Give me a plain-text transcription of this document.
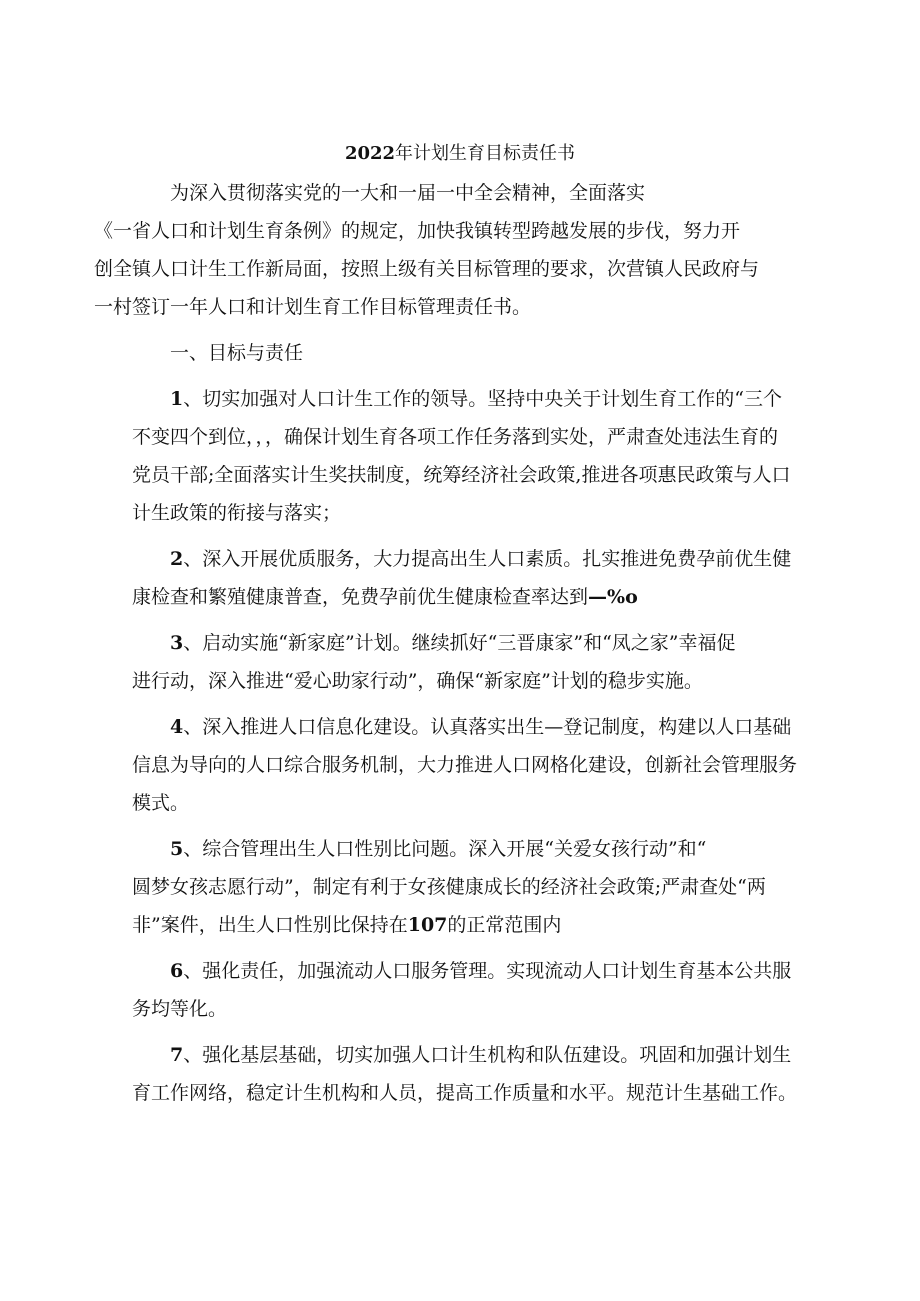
2022年计划生育目标责任书

为深入贯彻落实党的一大和一届一中全会精神，全面落实
《一省人口和计划生育条例》的规定，加快我镇转型跨越发展的步伐，努力开
创全镇人口计生工作新局面，按照上级有关目标管理的要求，次营镇人民政府与
一村签订一年人口和计划生育工作目标管理责任书。

一、目标与责任

1、切实加强对人口计生工作的领导。坚持中央关于计划生育工作的“三个
不变四个到位，，，确保计划生育各项工作任务落到实处，严肃查处违法生育的
党员干部;全面落实计生奖扶制度，统筹经济社会政策,推进各项惠民政策与人口
计生政策的衔接与落实；

2、深入开展优质服务，大力提高出生人口素质。扎实推进免费孕前优生健
康检查和繁殖健康普查，免费孕前优生健康检查率达到—%o

3、启动实施“新家庭”计划。继续抓好“三晋康家”和“凤之家”幸福促
进行动，深入推进“爱心助家行动”，确保“新家庭”计划的稳步实施。

4、深入推进人口信息化建设。认真落实出生—登记制度，构建以人口基础
信息为导向的人口综合服务机制，大力推进人口网格化建设，创新社会管理服务
模式。

5、综合管理出生人口性别比问题。深入开展“关爱女孩行动”和“
圆梦女孩志愿行动”，制定有利于女孩健康成长的经济社会政策;严肃查处“两
非”案件，出生人口性别比保持在107的正常范围内

6、强化责任，加强流动人口服务管理。实现流动人口计划生育基本公共服
务均等化。

7、强化基层基础，切实加强人口计生机构和队伍建设。巩固和加强计划生
育工作网络，稳定计生机构和人员，提高工作质量和水平。规范计生基础工作。
